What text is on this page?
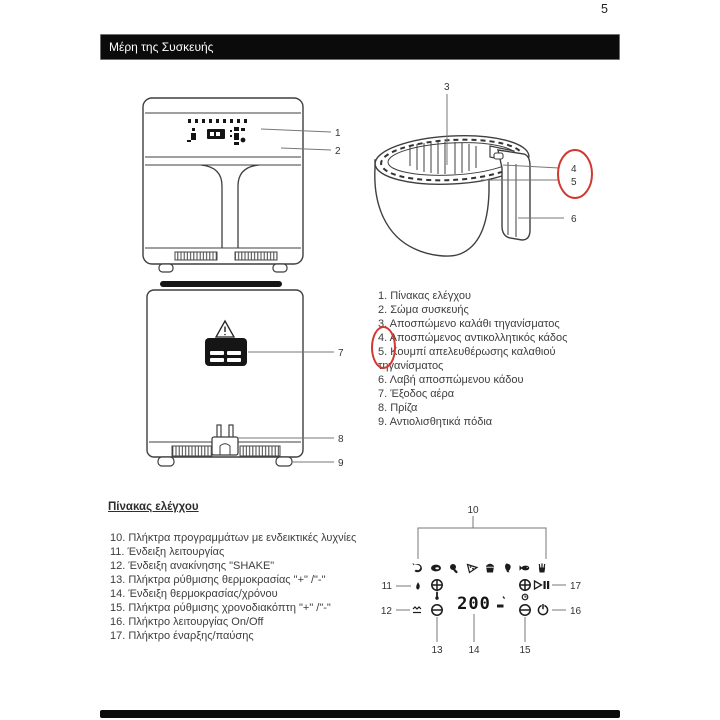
5
Μέρη της Συσκευής
1
2
3
4
5
6
7
8
9
1. Πίνακας ελέγχου
2. Σώμα συσκευής
3. Αποσπώμενο καλάθι τηγανίσματος
4. Αποσπώμενος αντικολλητικός κάδος
5. Κουμπί απελευθέρωσης καλαθιού
τηγανίσματος
6. Λαβή αποσπώμενου κάδου
7. Έξοδος αέρα
8. Πρίζα
9. Αντιολισθητικά πόδια
Πίνακας ελέγχου
10. Πλήκτρα προγραμμάτων με ενδεικτικές λυχνίες
11. Ένδειξη λειτουργίας
12. Ένδειξη ανακίνησης "SHAKE"
13. Πλήκτρα ρύθμισης θερμοκρασίας "+" /"-"
14. Ένδειξη θερμοκρασίας/χρόνου
15. Πλήκτρα ρύθμισης χρονοδιακόπτη "+" /"-"
16. Πλήκτρο λειτουργίας On/Off
17. Πλήκτρο έναρξης/παύσης
10
11
200
17
12	16
13	14	15
